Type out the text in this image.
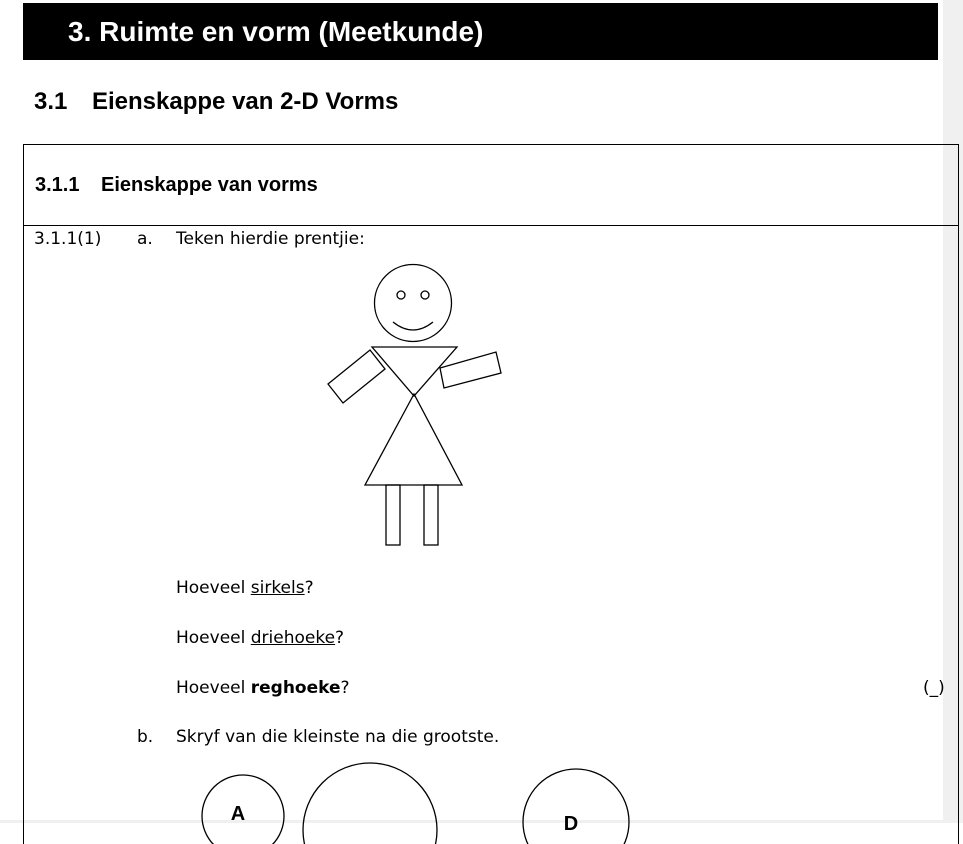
3. Ruimte en vorm (Meetkunde)
3.1 Eienskappe van 2-D Vorms
3.1.1 Eienskappe van vorms
3.1.1(1) a. Teken hierdie prentjie:
A	D
Hoeveel sirkels?
Hoeveel driehoeke?
Hoeveel reghoeke?	(_)
b. Skryf van die kleinste na die grootste.
